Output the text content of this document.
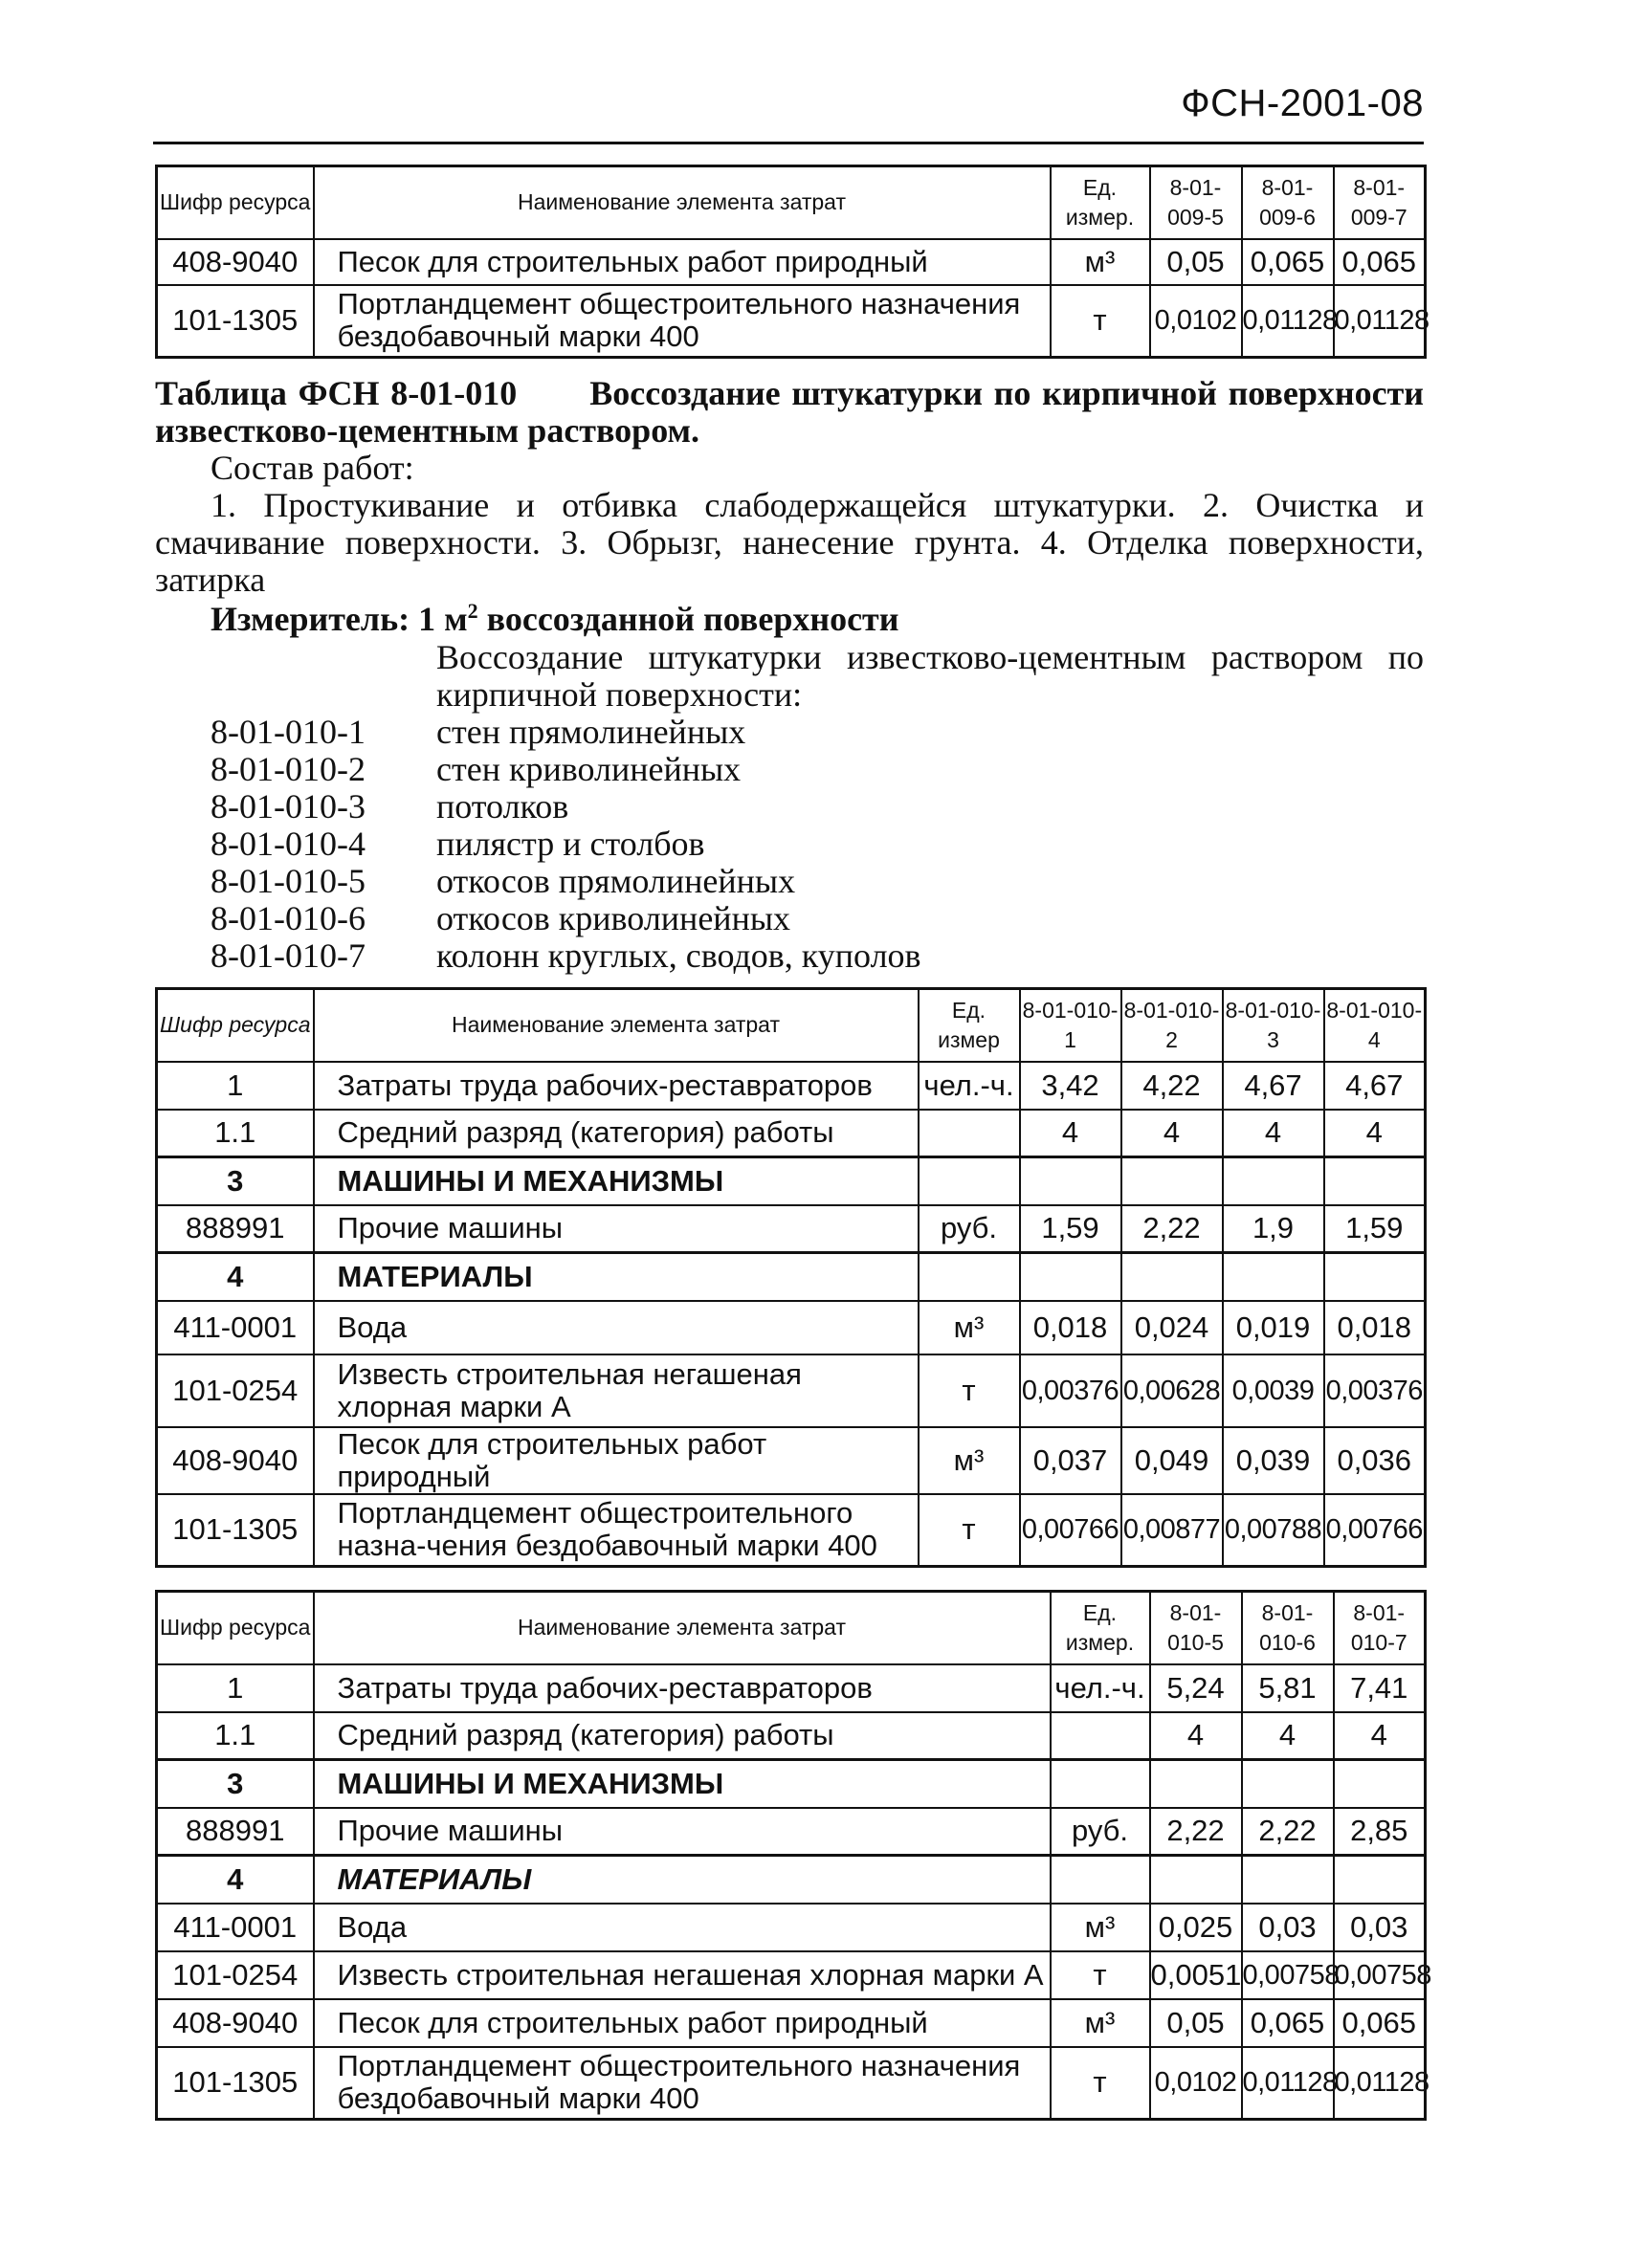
ФСН-2001-08
Шифр ресурса	Наименование элемента затрат	Ед. измер.	8-01-009-5	8-01-009-6	8-01-009-7
408-9040	Песок для строительных работ природный	м³	0,05	0,065	0,065
101-1305	Портландцемент общестроительного назначения бездобавочный марки 400	т	0,0102	0,01128	0,01128
Таблица ФСН 8-01-010 Воссоздание штукатурки по кирпичной поверхности известково-цементным раствором.
Состав работ:
1. Простукивание и отбивка слабодержащейся штукатурки. 2. Очистка и смачивание поверхности. 3. Обрызг, нанесение грунта. 4. Отделка поверхности, затирка
Измеритель: 1 $м^2$ воссозданной поверхности
Воссоздание штукатурки известково-цементным раствором по кирпичной поверхности:
8-01-010-1	стен прямолинейных
8-01-010-2	стен криволинейных
8-01-010-3	потолков
8-01-010-4	пилястр и столбов
8-01-010-5	откосов прямолинейных
8-01-010-6	откосов криволинейных
8-01-010-7	колонн круглых, сводов, куполов
Шифр ресурса	Наименование элемента затрат	Ед. измер	8-01-010-1	8-01-010-2	8-01-010-3	8-01-010-4
1	Затраты труда рабочих-реставраторов	чел.-ч.	3,42	4,22	4,67	4,67
1.1	Средний разряд (категория) работы		4	4	4	4
3	МАШИНЫ И МЕХАНИЗМЫ					
888991	Прочие машины	руб.	1,59	2,22	1,9	1,59
4	МАТЕРИАЛЫ					
411-0001	Вода	м³	0,018	0,024	0,019	0,018
101-0254	Известь строительная негашеная хлорная марки А	т	0,00376	0,00628	0,0039	0,00376
408-9040	Песок для строительных работ природный	м³	0,037	0,049	0,039	0,036
101-1305	Портландцемент общестроительного назна-чения бездобавочный марки 400	т	0,00766	0,00877	0,00788	0,00766
Шифр ресурса	Наименование элемента затрат	Ед. измер.	8-01-010-5	8-01-010-6	8-01-010-7
1	Затраты труда рабочих-реставраторов	чел.-ч.	5,24	5,81	7,41
1.1	Средний разряд (категория) работы		4	4	4
3	МАШИНЫ И МЕХАНИЗМЫ				
888991	Прочие машины	руб.	2,22	2,22	2,85
4	МАТЕРИАЛЫ				
411-0001	Вода	м³	0,025	0,03	0,03
101-0254	Известь строительная негашеная хлорная марки А	т	0,0051	0,00758	0,00758
408-9040	Песок для строительных работ природный	м³	0,05	0,065	0,065
101-1305	Портландцемент общестроительного назначения бездобавочный марки 400	т	0,0102	0,01128	0,01128
